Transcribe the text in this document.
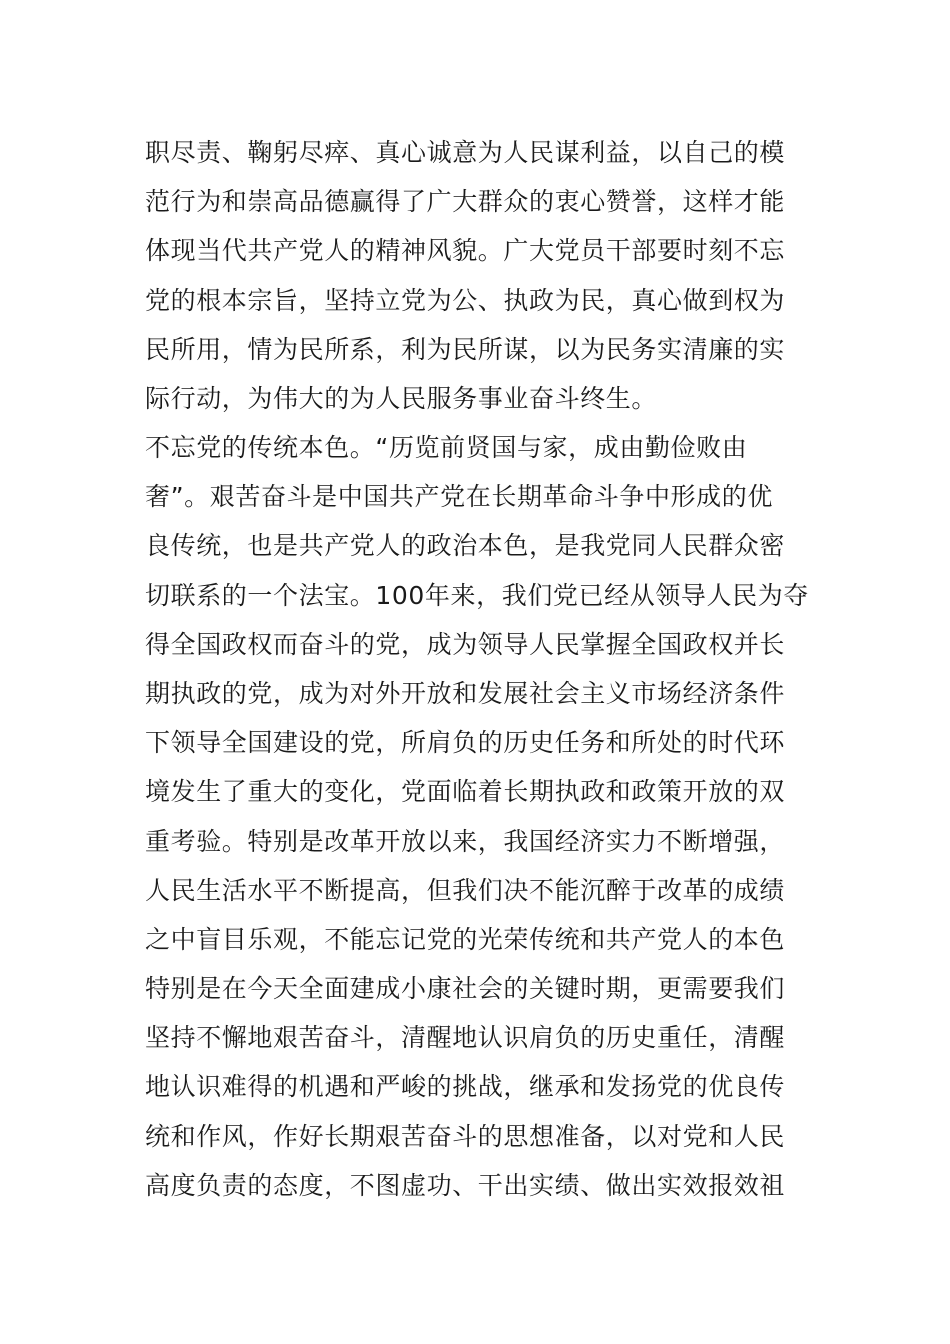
职尽责、鞠躬尽瘁、真心诚意为人民谋利益，以自己的模
范行为和崇高品德赢得了广大群众的衷心赞誉，这样才能
体现当代共产党人的精神风貌。广大党员干部要时刻不忘
党的根本宗旨，坚持立党为公、执政为民，真心做到权为
民所用，情为民所系，利为民所谋，以为民务实清廉的实
际行动，为伟大的为人民服务事业奋斗终生。
不忘党的传统本色。“历览前贤国与家，成由勤俭败由
奢”。艰苦奋斗是中国共产党在长期革命斗争中形成的优
良传统，也是共产党人的政治本色，是我党同人民群众密
切联系的一个法宝。100年来，我们党已经从领导人民为夺
得全国政权而奋斗的党，成为领导人民掌握全国政权并长
期执政的党，成为对外开放和发展社会主义市场经济条件
下领导全国建设的党，所肩负的历史任务和所处的时代环
境发生了重大的变化，党面临着长期执政和政策开放的双
重考验。特别是改革开放以来，我国经济实力不断增强，
人民生活水平不断提高，但我们决不能沉醉于改革的成绩
之中盲目乐观，不能忘记党的光荣传统和共产党人的本色
特别是在今天全面建成小康社会的关键时期，更需要我们
坚持不懈地艰苦奋斗，清醒地认识肩负的历史重任，清醒
地认识难得的机遇和严峻的挑战，继承和发扬党的优良传
统和作风，作好长期艰苦奋斗的思想准备，以对党和人民
高度负责的态度，不图虚功、干出实绩、做出实效报效祖
